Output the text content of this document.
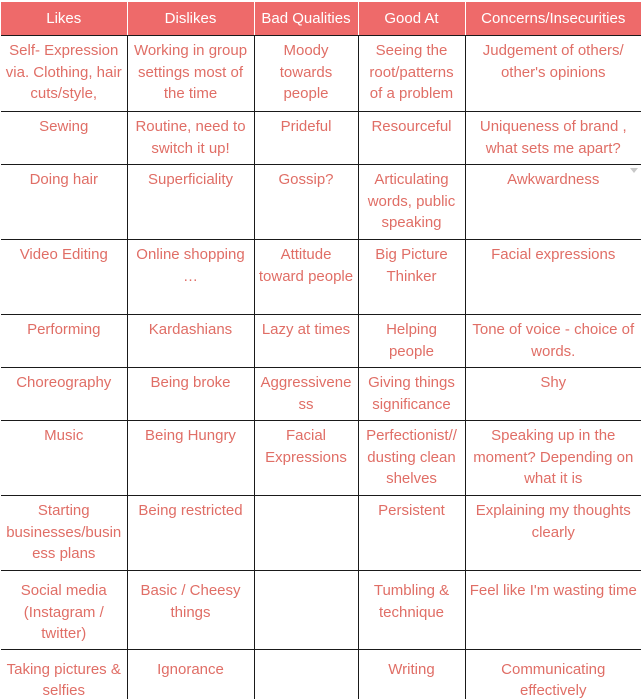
Likes	Dislikes	Bad Qualities	Good At	Concerns/Insecurities
Self- Expression via. Clothing, hair cuts/style,	Working in group settings most of the time	Moody towards people	Seeing the root/patterns of a problem	Judgement of others/ other's opinions
Sewing	Routine, need to switch it up!	Prideful	Resourceful	Uniqueness of brand , what sets me apart?
Doing hair	Superficiality	Gossip?	Articulating words, public speaking	Awkwardness
Video Editing	Online shopping …	Attitude toward people	Big Picture Thinker	Facial expressions
Performing	Kardashians	Lazy at times	Helping people	Tone of voice - choice of words.
Choreography	Being broke	Aggressiveness	Giving things significance	Shy
Music	Being Hungry	Facial Expressions	Perfectionist// dusting clean shelves	Speaking up in the moment? Depending on what it is
Starting businesses/business plans	Being restricted		Persistent	Explaining my thoughts clearly
Social media (Instagram / twitter)	Basic / Cheesy things		Tumbling & technique	Feel like I'm wasting time
Taking pictures & selfies	Ignorance		Writing	Communicating effectively
